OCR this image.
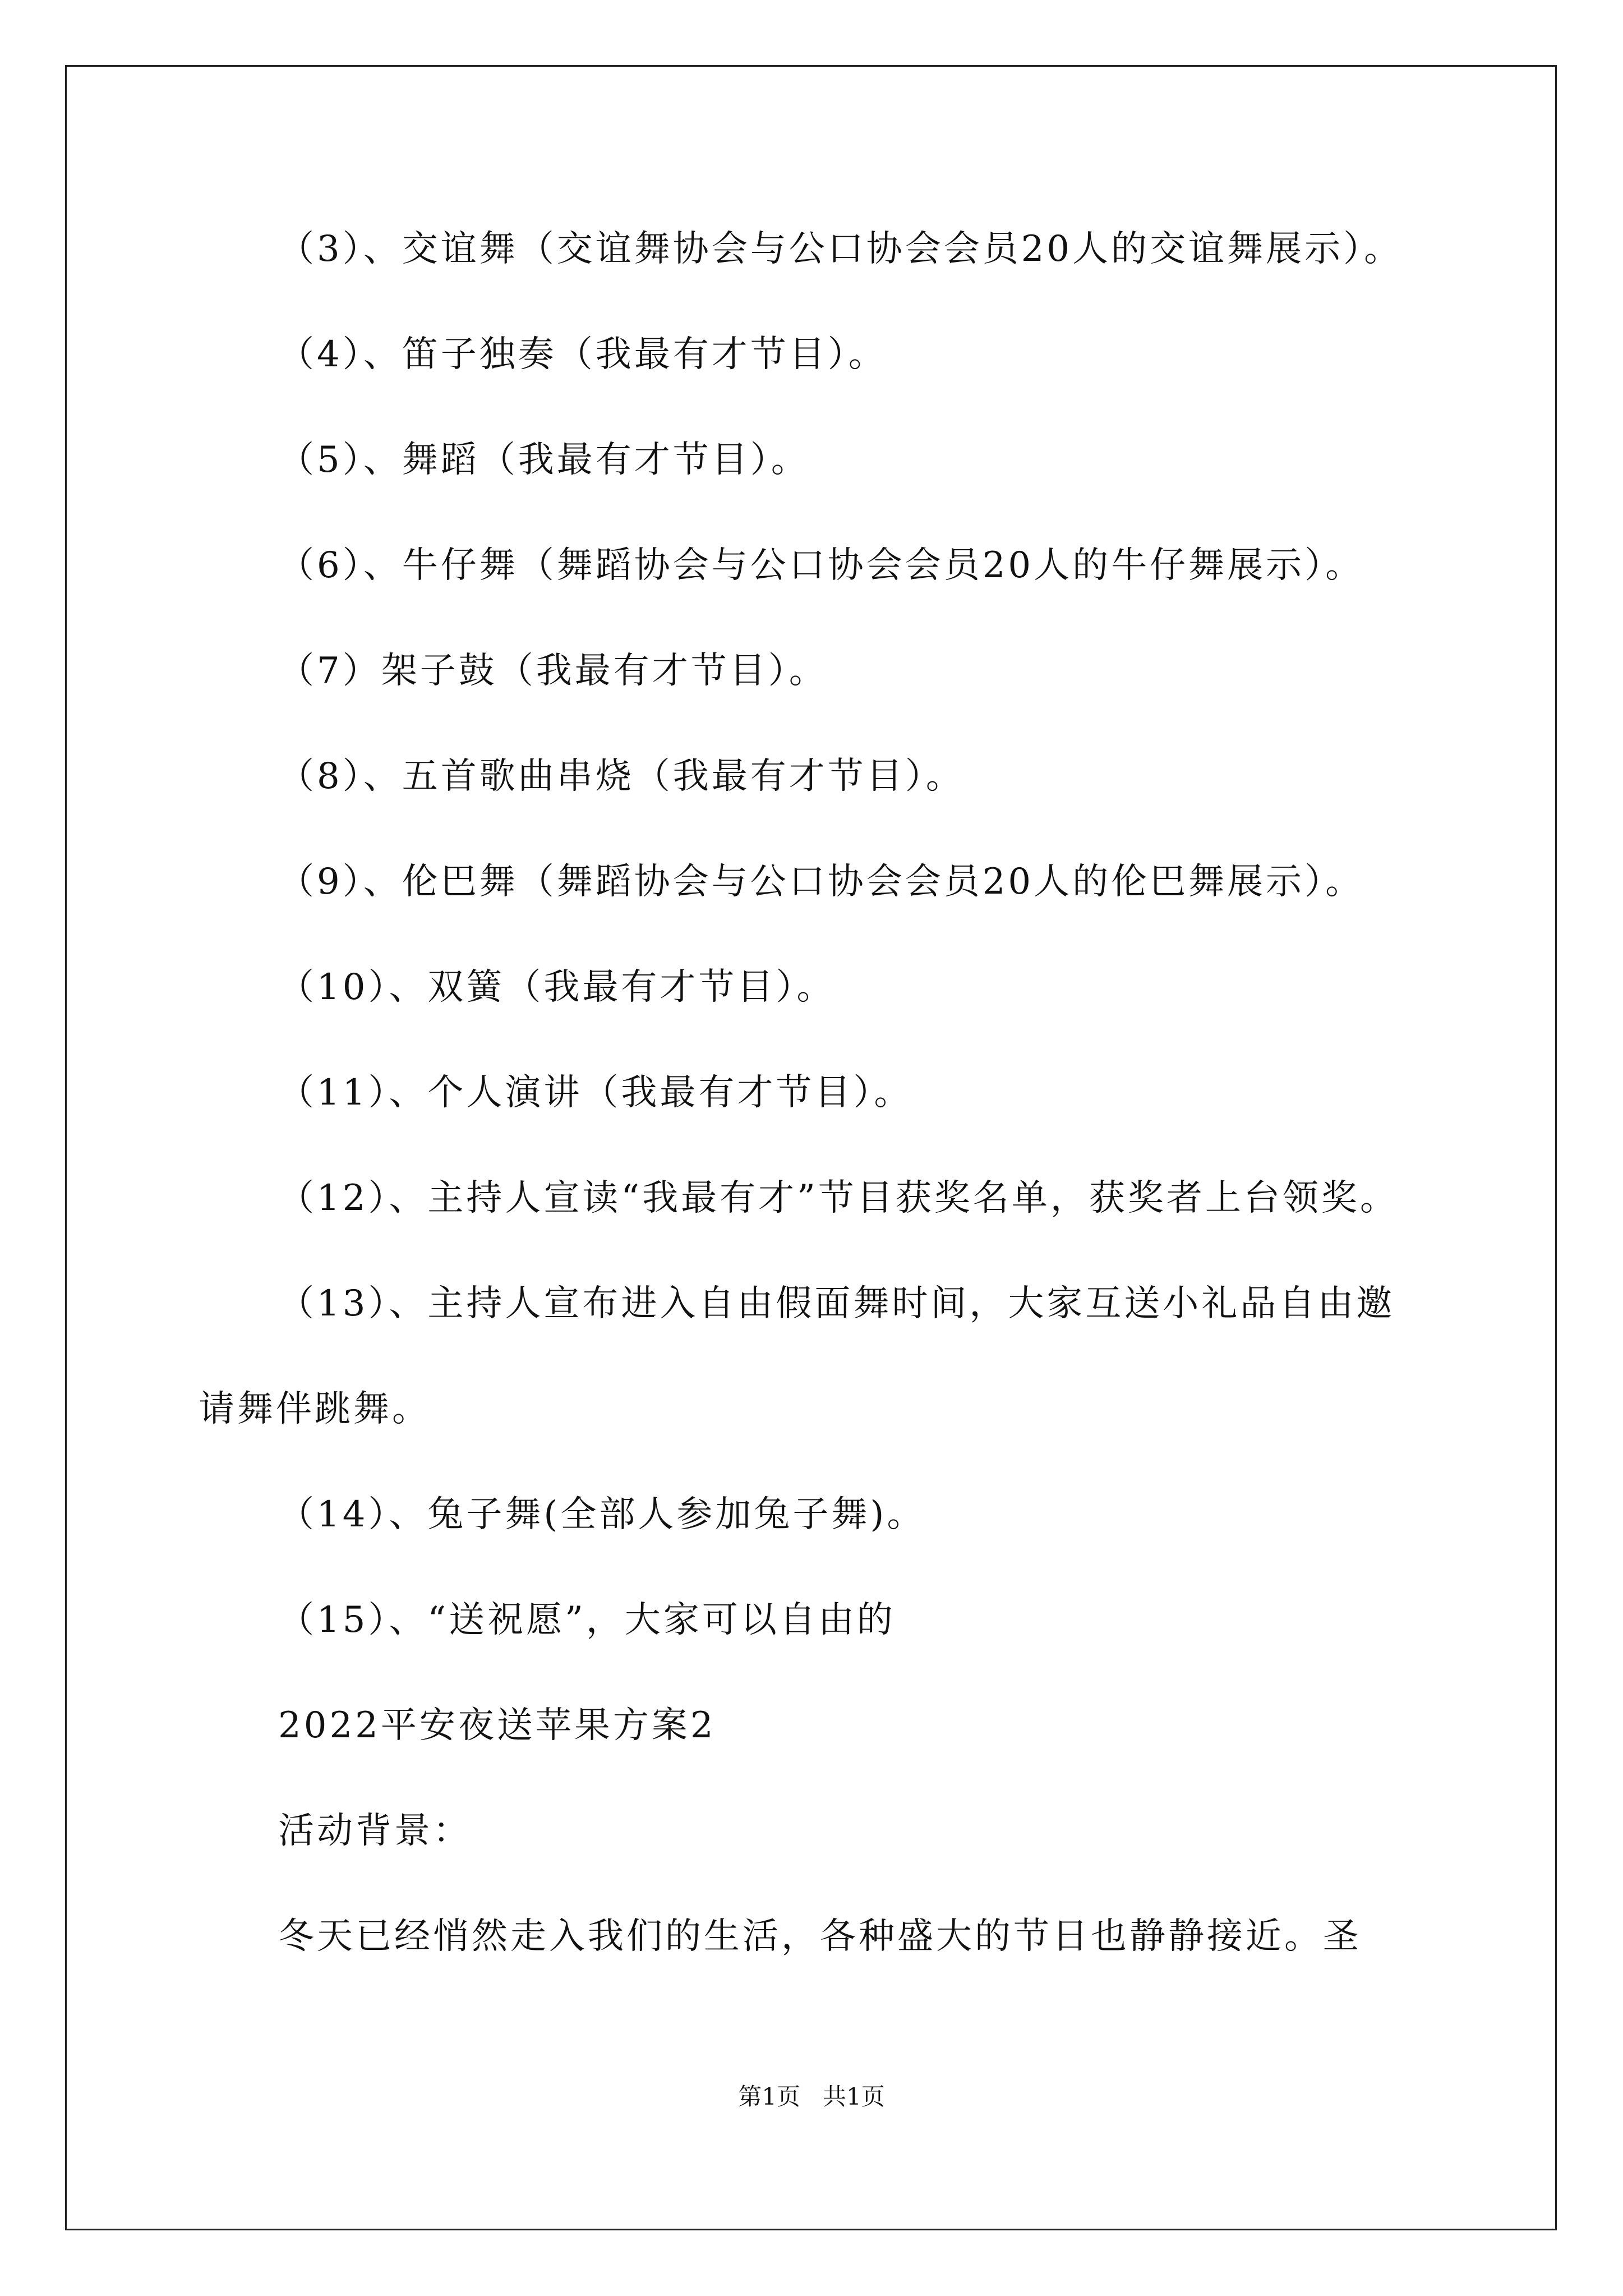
（3）、交谊舞（交谊舞协会与公口协会会员20人的交谊舞展示）。
（4）、笛子独奏（我最有才节目）。
（5）、舞蹈（我最有才节目）。
（6）、牛仔舞（舞蹈协会与公口协会会员20人的牛仔舞展示）。
（7）架子鼓（我最有才节目）。
（8）、五首歌曲串烧（我最有才节目）。
（9）、伦巴舞（舞蹈协会与公口协会会员20人的伦巴舞展示）。
（10）、双簧（我最有才节目）。
（11）、个人演讲（我最有才节目）。
（12）、主持人宣读“我最有才”节目获奖名单，获奖者上台领奖。
（13）、主持人宣布进入自由假面舞时间，大家互送小礼品自由邀
请舞伴跳舞。
（14）、兔子舞(全部人参加兔子舞)。
（15）、“送祝愿”，大家可以自由的
2022平安夜送苹果方案2
活动背景：
冬天已经悄然走入我们的生活，各种盛大的节日也静静接近。圣
第1页   共1页
